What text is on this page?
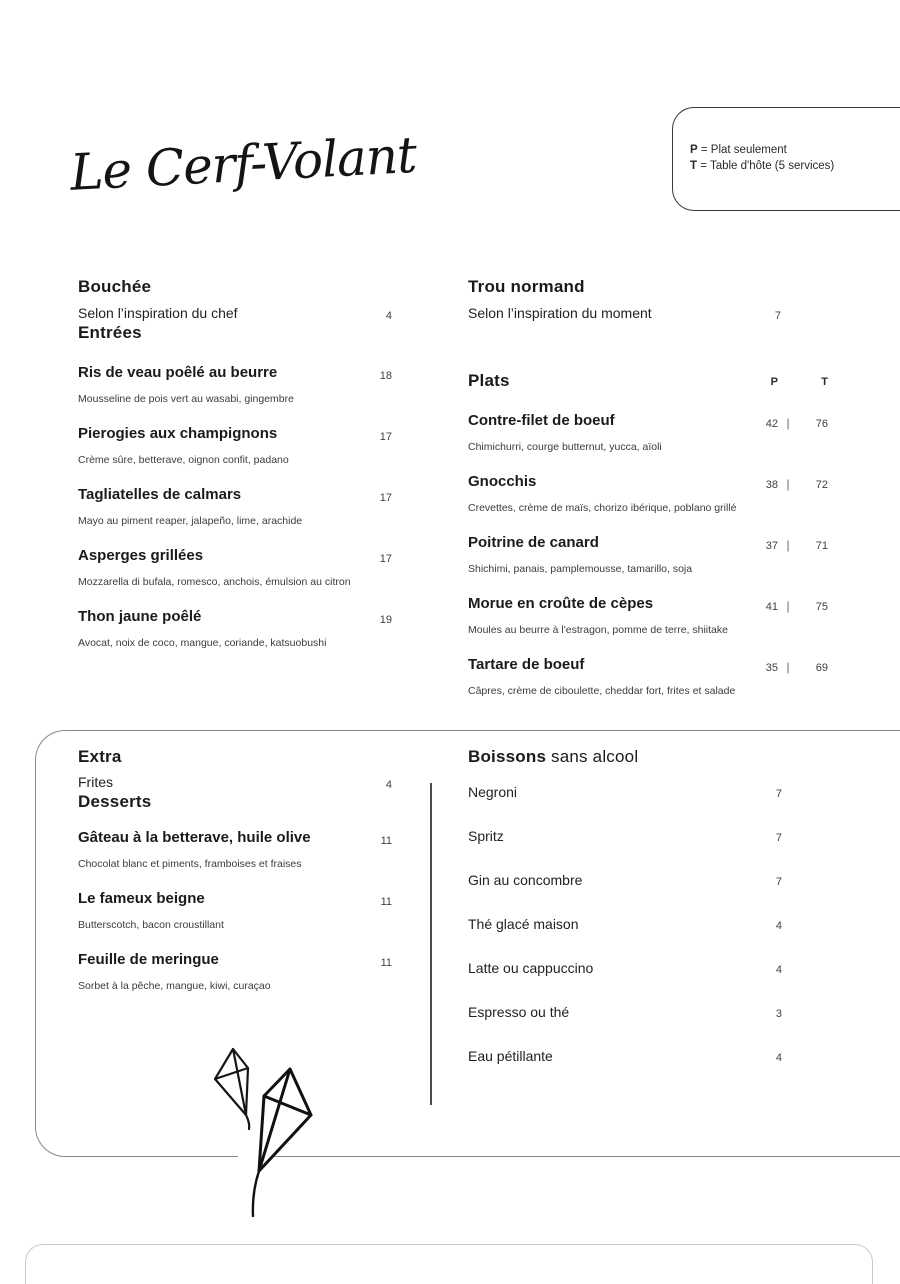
Le Cerf-Volant	P = Plat seulement
T = Table d'hôte (5 services)
Bouchée
Selon l’inspiration du chef	4
Entrées
Ris de veau poêlé au beurre	18
Mousseline de pois vert au wasabi, gingembre
Pierogies aux champignons	17
Crème sûre, betterave, oignon confit, padano
Tagliatelles de calmars	17
Mayo au piment reaper, jalapeño, lime, arachide
Asperges grillées	17
Mozzarella di bufala, romesco, anchois, émulsion au citron
Thon jaune poêlé	19
Avocat, noix de coco, mangue, coriande, katsuobushi
Trou normand
Selon l’inspiration du moment	7
Plats	P	T
Contre-filet de boeuf	42 |	76
Chimichurri, courge butternut, yucca, aïoli
Gnocchis	38 |	72
Crevettes, crème de maïs, chorizo ibérique, poblano grillé
Poitrine de canard	37 |	71
Shichimi, panais, pamplemousse, tamarillo, soja
Morue en croûte de cèpes	41 |	75
Moules au beurre à l'estragon, pomme de terre, shiitake
Tartare de boeuf	35 |	69
Câpres, crème de ciboulette, cheddar fort, frites et salade
Extra
Frites	4
Desserts
Gâteau à la betterave, huile olive	11
Chocolat blanc et piments, framboises et fraises
Le fameux beigne	11
Butterscotch, bacon croustillant
Feuille de meringue	11
Sorbet à la pêche, mangue, kiwi, curaçao
Boissons sans alcool
Negroni	7
Spritz	7
Gin au concombre	7
Thé glacé maison	4
Latte ou cappuccino	4
Espresso ou thé	3
Eau pétillante	4
